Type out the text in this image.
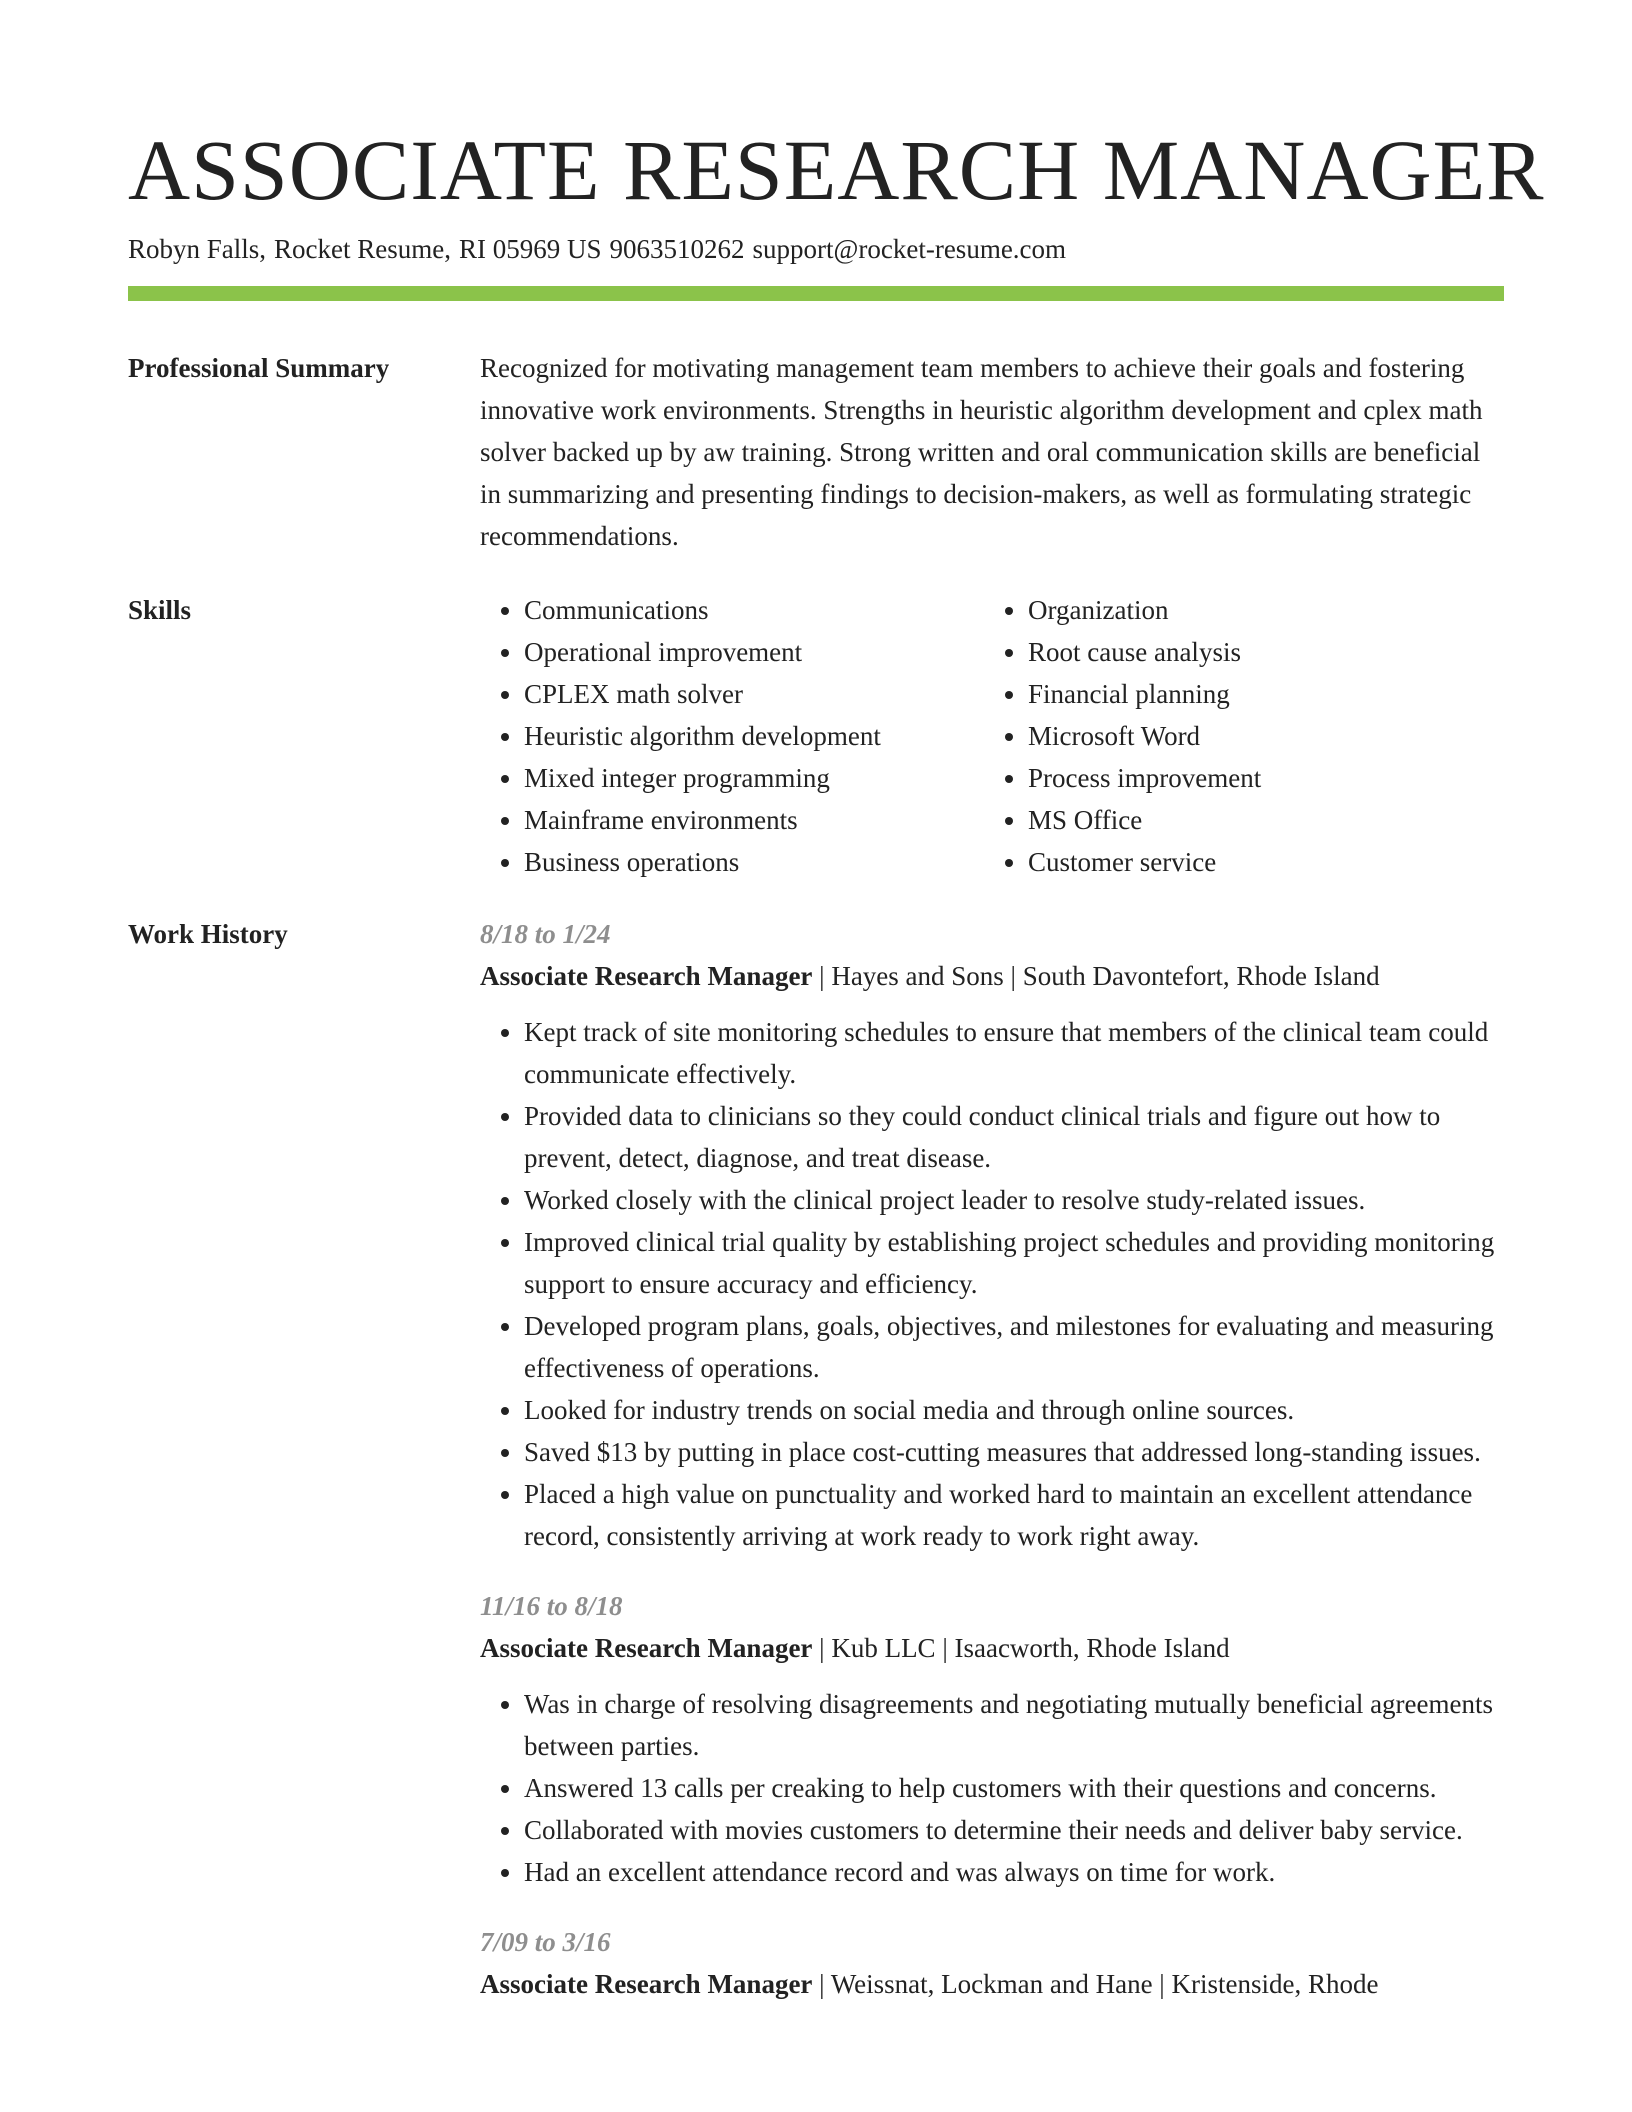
ASSOCIATE RESEARCH MANAGER
Robyn Falls, Rocket Resume, RI 05969 US 9063510262 support@rocket-resume.com
Professional Summary	Recognized for motivating management team members to achieve their goals and fostering innovative work environments. Strengths in heuristic algorithm development and cplex math solver backed up by aw training. Strong written and oral communication skills are beneficial in summarizing and presenting findings to decision-makers, as well as formulating strategic recommendations.

Skills
•	Communications
• Operational improvement
• CPLEX math solver
• Heuristic algorithm development
• Mixed integer programming
• Mainframe environments
• Business operations
• Organization
• Root cause analysis
• Financial planning
• Microsoft Word
• Process improvement
• MS Office
• Customer service
Work History	8/18 to 1/24
Associate Research Manager | Hayes and Sons | South Davontefort, Rhode Island
• Kept track of site monitoring schedules to ensure that members of the clinical team could communicate effectively.
• Provided data to clinicians so they could conduct clinical trials and figure out how to prevent, detect, diagnose, and treat disease.
• Worked closely with the clinical project leader to resolve study-related issues.
• Improved clinical trial quality by establishing project schedules and providing monitoring support to ensure accuracy and efficiency.
• Developed program plans, goals, objectives, and milestones for evaluating and measuring effectiveness of operations.
• Looked for industry trends on social media and through online sources.
• Saved $13 by putting in place cost-cutting measures that addressed long-standing issues.
• Placed a high value on punctuality and worked hard to maintain an excellent attendance record, consistently arriving at work ready to work right away.
11/16 to 8/18
Associate Research Manager | Kub LLC | Isaacworth, Rhode Island
• Was in charge of resolving disagreements and negotiating mutually beneficial agreements between parties.
• Answered 13 calls per creaking to help customers with their questions and concerns.
• Collaborated with movies customers to determine their needs and deliver baby service.
• Had an excellent attendance record and was always on time for work.
7/09 to 3/16
Associate Research Manager | Weissnat, Lockman and Hane | Kristenside, Rhode
